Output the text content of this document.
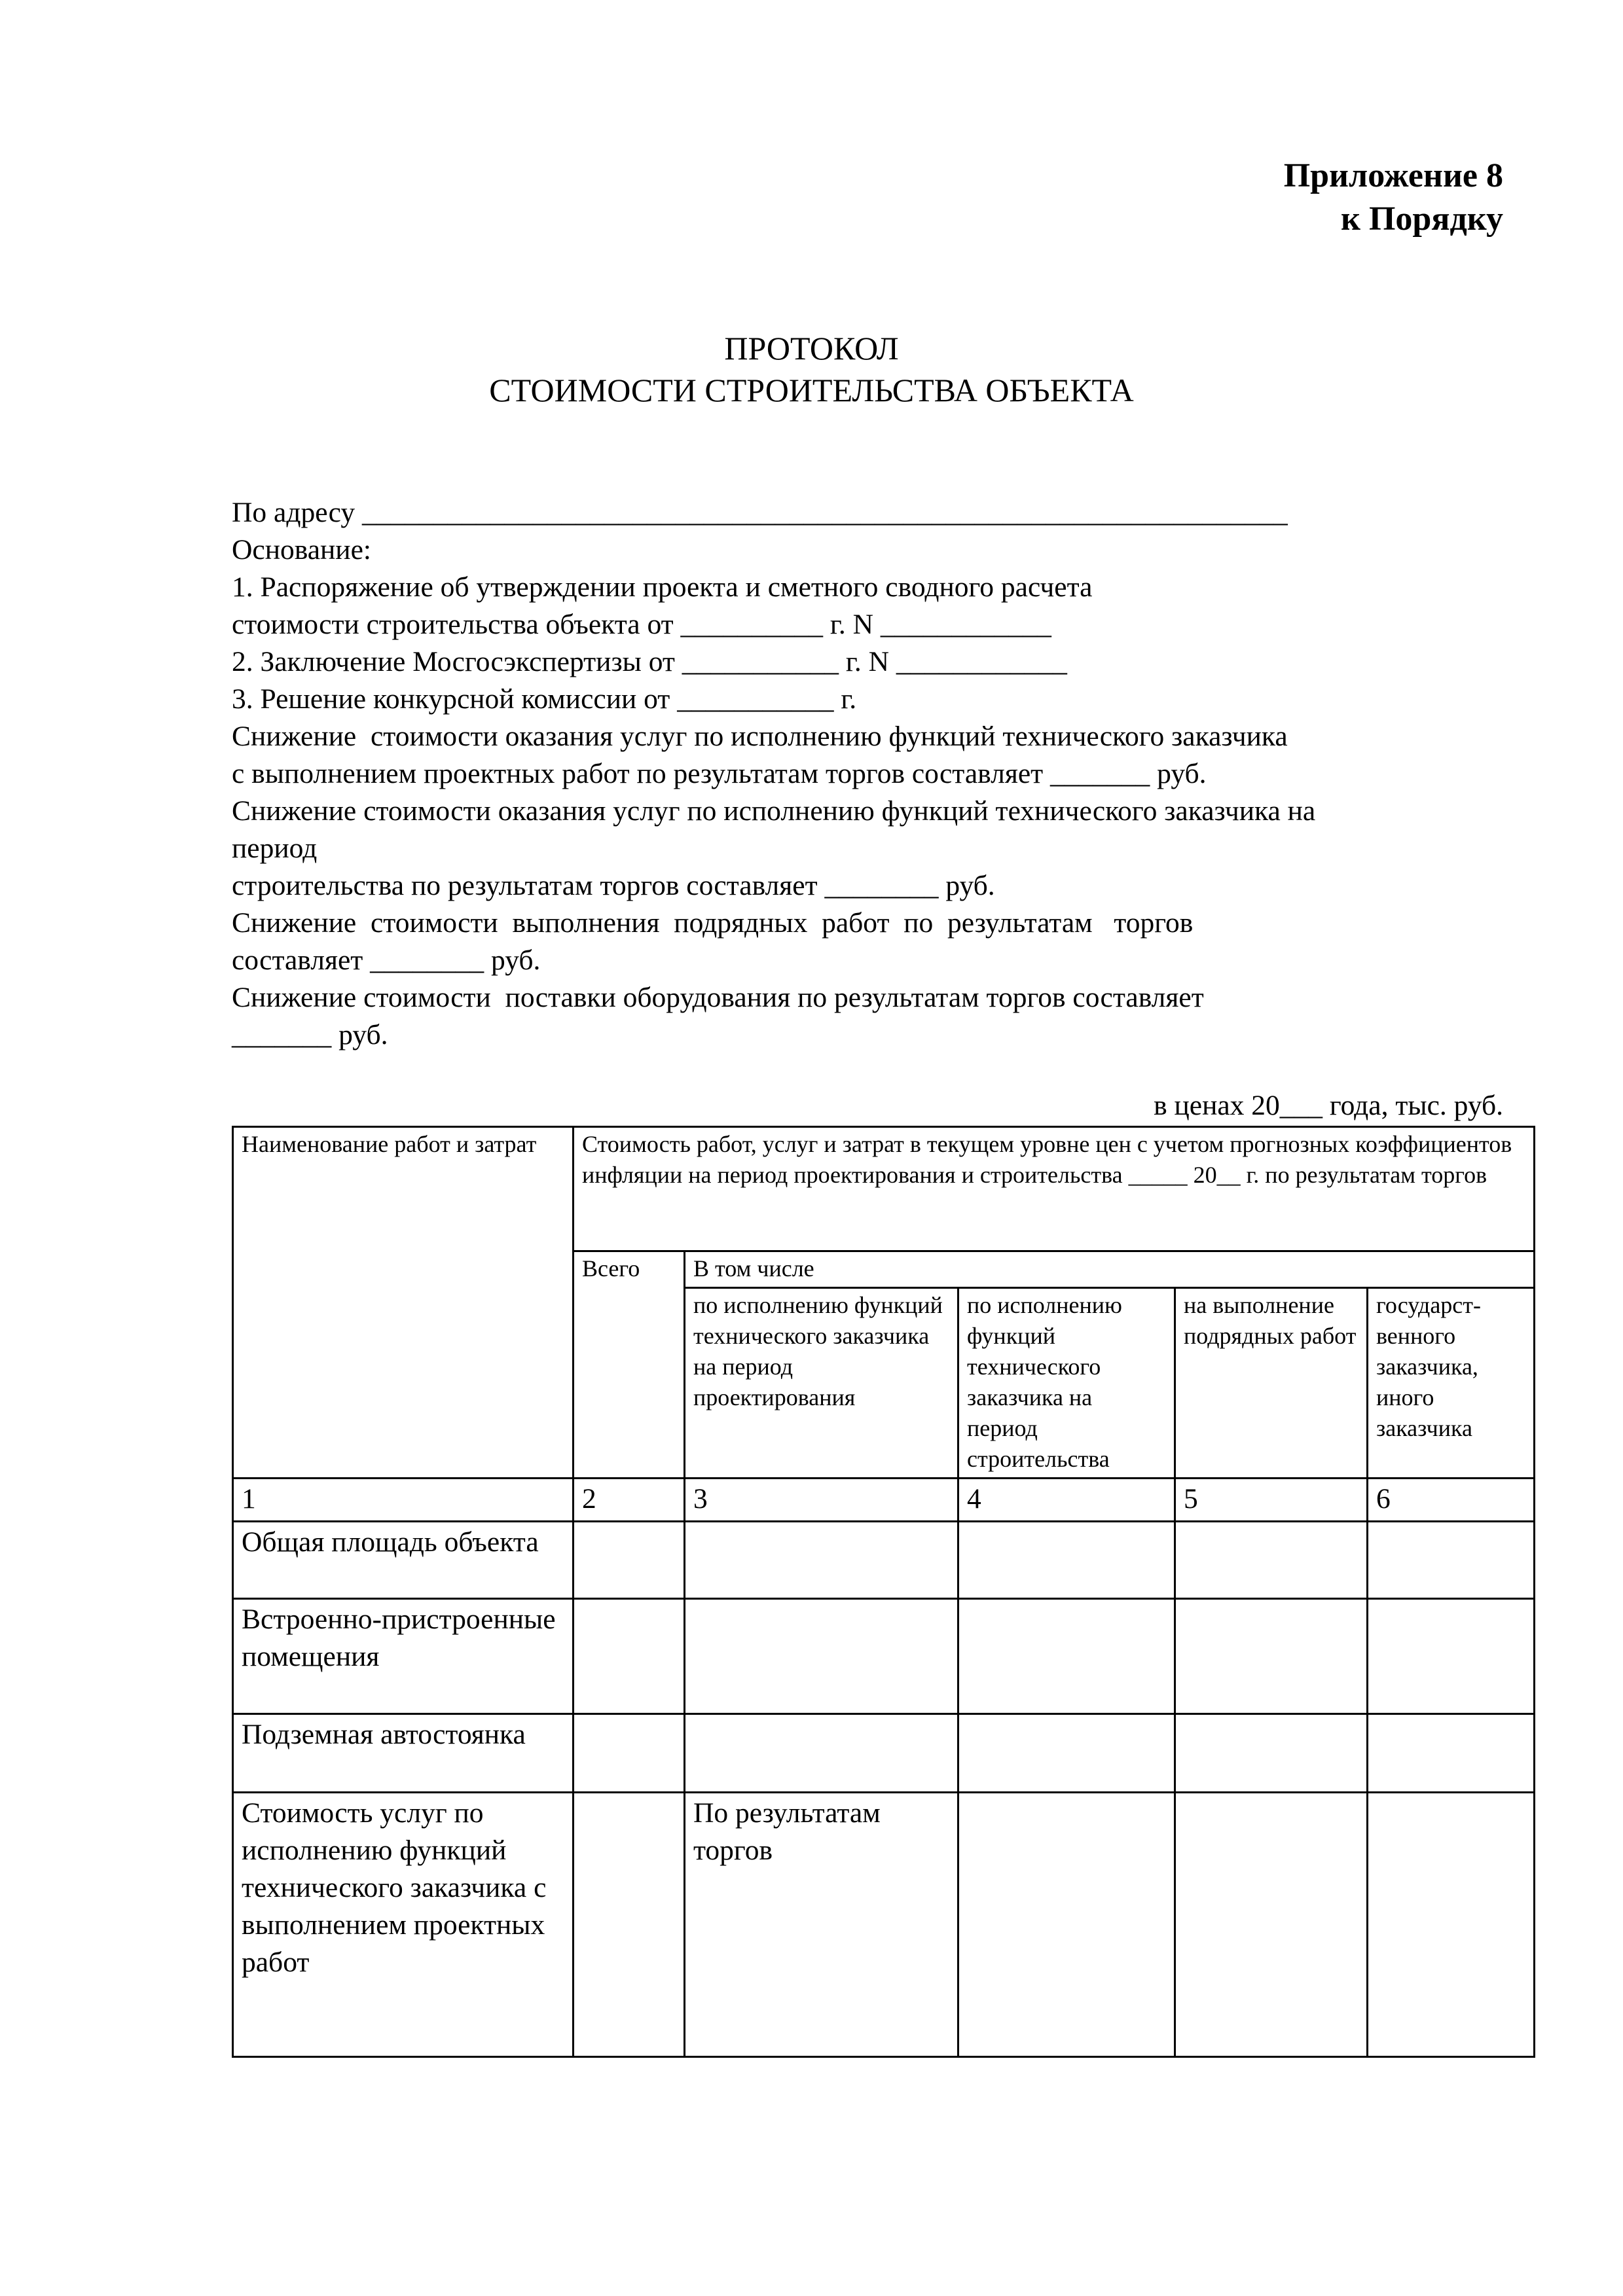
Приложение 8
к Порядку
ПРОТОКОЛ
СТОИМОСТИ СТРОИТЕЛЬСТВА ОБЪЕКТА
По адресу _________________________________________________________________
Основание:
1. Распоряжение об утверждении проекта и сметного сводного расчета
стоимости строительства объекта от __________ г. N ____________
2. Заключение Мосгосэкспертизы от ___________ г. N ____________
3. Решение конкурсной комиссии от ___________ г.
Снижение  стоимости оказания услуг по исполнению функций технического заказчика
с выполнением проектных работ по результатам торгов составляет _______ руб.
Снижение стоимости оказания услуг по исполнению функций технического заказчика на
период
строительства по результатам торгов составляет ________ руб.
Снижение  стоимости  выполнения  подрядных  работ  по  результатам   торгов
составляет ________ руб.
Снижение стоимости  поставки оборудования по результатам торгов составляет
_______ руб.
в ценах 20___ года, тыс. руб.
Наименование работ и затрат	Стоимость работ, услуг и затрат в текущем уровне цен с учетом прогнозных коэффициентов инфляции на период проектирования и строительства _____ 20__ г. по результатам торгов				
	Всего	В том числе			
		по исполнению функций технического заказчика на период проектирования	по исполнению функций технического заказчика на период строительства	на выполнение подрядных работ	государст-венного заказчика, иного заказчика
1	2	3	4	5	6
Общая площадь объекта					
Встроенно-пристроенные помещения					
Подземная автостоянка					
Стоимость услуг по исполнению функций технического заказчика с выполнением проектных работ		По результатам торгов			
